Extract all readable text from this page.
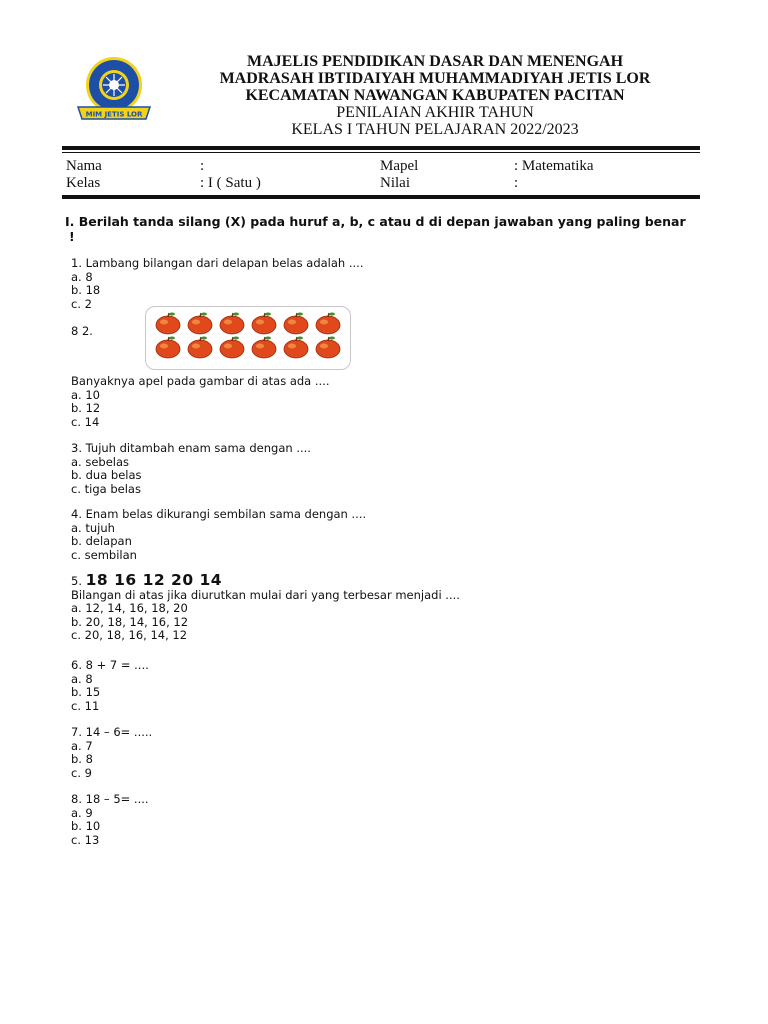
MIM JETIS LOR
MAJELIS PENDIDIKAN DASAR DAN MENENGAH
MADRASAH IBTIDAIYAH MUHAMMADIYAH JETIS LOR
KECAMATAN NAWANGAN KABUPATEN PACITAN
PENILAIAN AKHIR TAHUN
KELAS I TAHUN PELAJARAN 2022/2023
Nama	:	Mapel	: Matematika
Kelas	: I ( Satu )	Nilai	:
I. Berilah tanda silang (X) pada huruf a, b, c atau d di depan jawaban yang paling benar
!
1. Lambang bilangan dari delapan belas adalah ....
a. 8
b. 18
c. 2
8 2.
Banyaknya apel pada gambar di atas ada ....
a. 10
b. 12
c. 14
3. Tujuh ditambah enam sama dengan ....
a. sebelas
b. dua belas
c. tiga belas
4. Enam belas dikurangi sembilan sama dengan ....
a. tujuh
b. delapan
c. sembilan
5. 18 16 12 20 14
Bilangan di atas jika diurutkan mulai dari yang terbesar menjadi ....
a. 12, 14, 16, 18, 20
b. 20, 18, 14, 16, 12
c. 20, 18, 16, 14, 12
6. 8 + 7 = ....
a. 8
b. 15
c. 11
7. 14 – 6= .....
a. 7
b. 8
c. 9
8. 18 – 5= ....
a. 9
b. 10
c. 13
